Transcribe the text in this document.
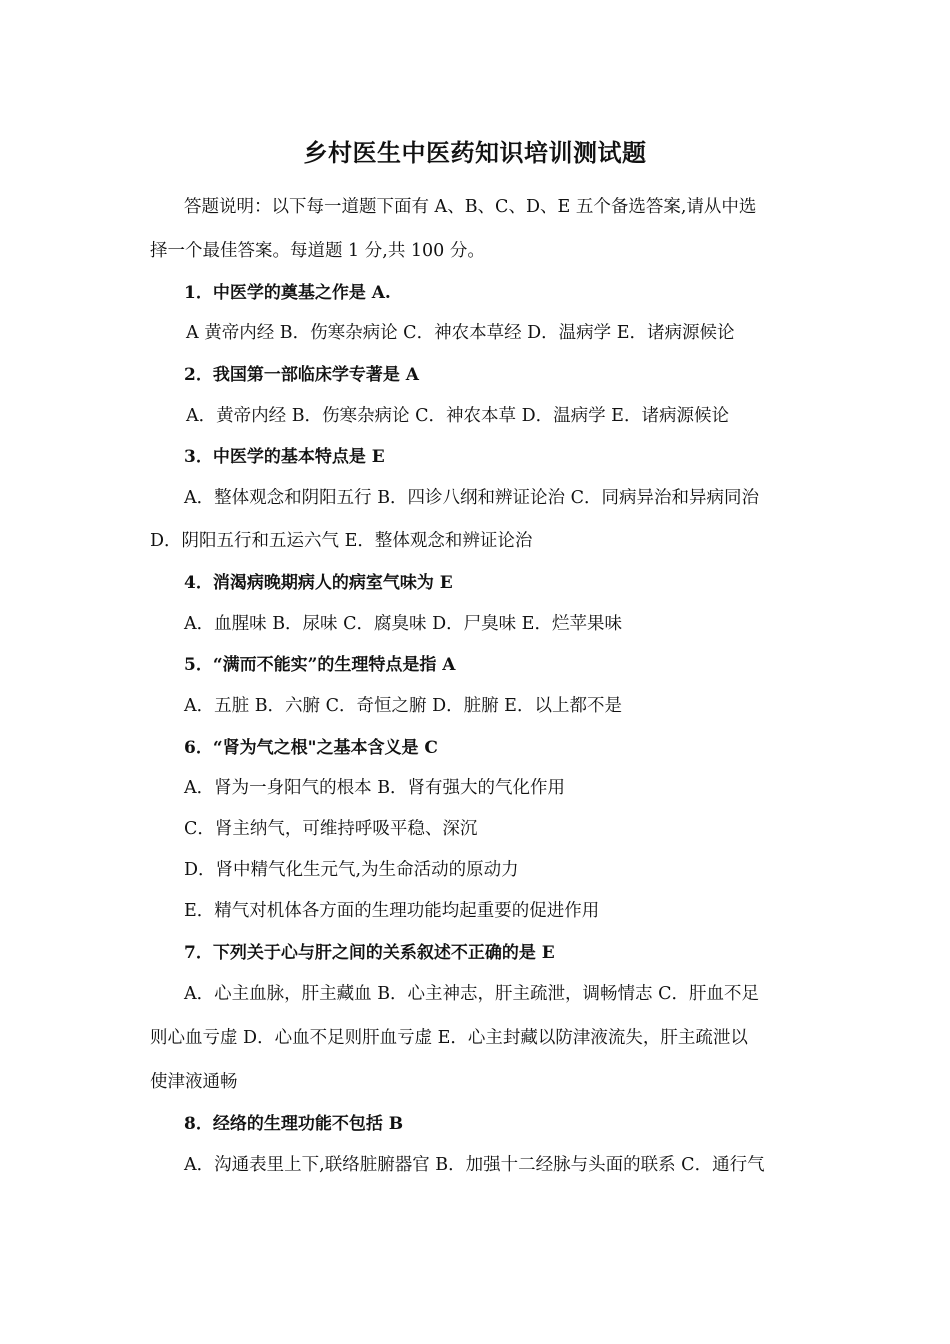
乡村医生中医药知识培训测试题
答题说明：以下每一道题下面有 A、B、C、D、E 五个备选答案,请从中选
择一个最佳答案。每道题 1 分,共 100 分。
1．中医学的奠基之作是 A.
A 黄帝内经 B．伤寒杂病论 C．神农本草经 D．温病学 E．诸病源候论
2．我国第一部临床学专著是 A
A．黄帝内经 B．伤寒杂病论 C．神农本草 D．温病学 E．诸病源候论
3．中医学的基本特点是 E
A．整体观念和阴阳五行 B．四诊八纲和辨证论治 C．同病异治和异病同治
D．阴阳五行和五运六气 E．整体观念和辨证论治
4．消渴病晚期病人的病室气味为 E
A．血腥味 B．尿味 C．腐臭味 D．尸臭味 E．烂苹果味
5．“满而不能实”的生理特点是指 A
A．五脏 B．六腑 C．奇恒之腑 D．脏腑 E．以上都不是
6．“肾为气之根"之基本含义是 C
A．肾为一身阳气的根本 B．肾有强大的气化作用
C．肾主纳气，可维持呼吸平稳、深沉
D．肾中精气化生元气,为生命活动的原动力
E．精气对机体各方面的生理功能均起重要的促进作用
7．下列关于心与肝之间的关系叙述不正确的是 E
A．心主血脉，肝主藏血 B．心主神志，肝主疏泄，调畅情志 C．肝血不足
则心血亏虚 D．心血不足则肝血亏虚 E．心主封藏以防津液流失，肝主疏泄以
使津液通畅
8．经络的生理功能不包括 B
A．沟通表里上下,联络脏腑器官 B．加强十二经脉与头面的联系 C．通行气
